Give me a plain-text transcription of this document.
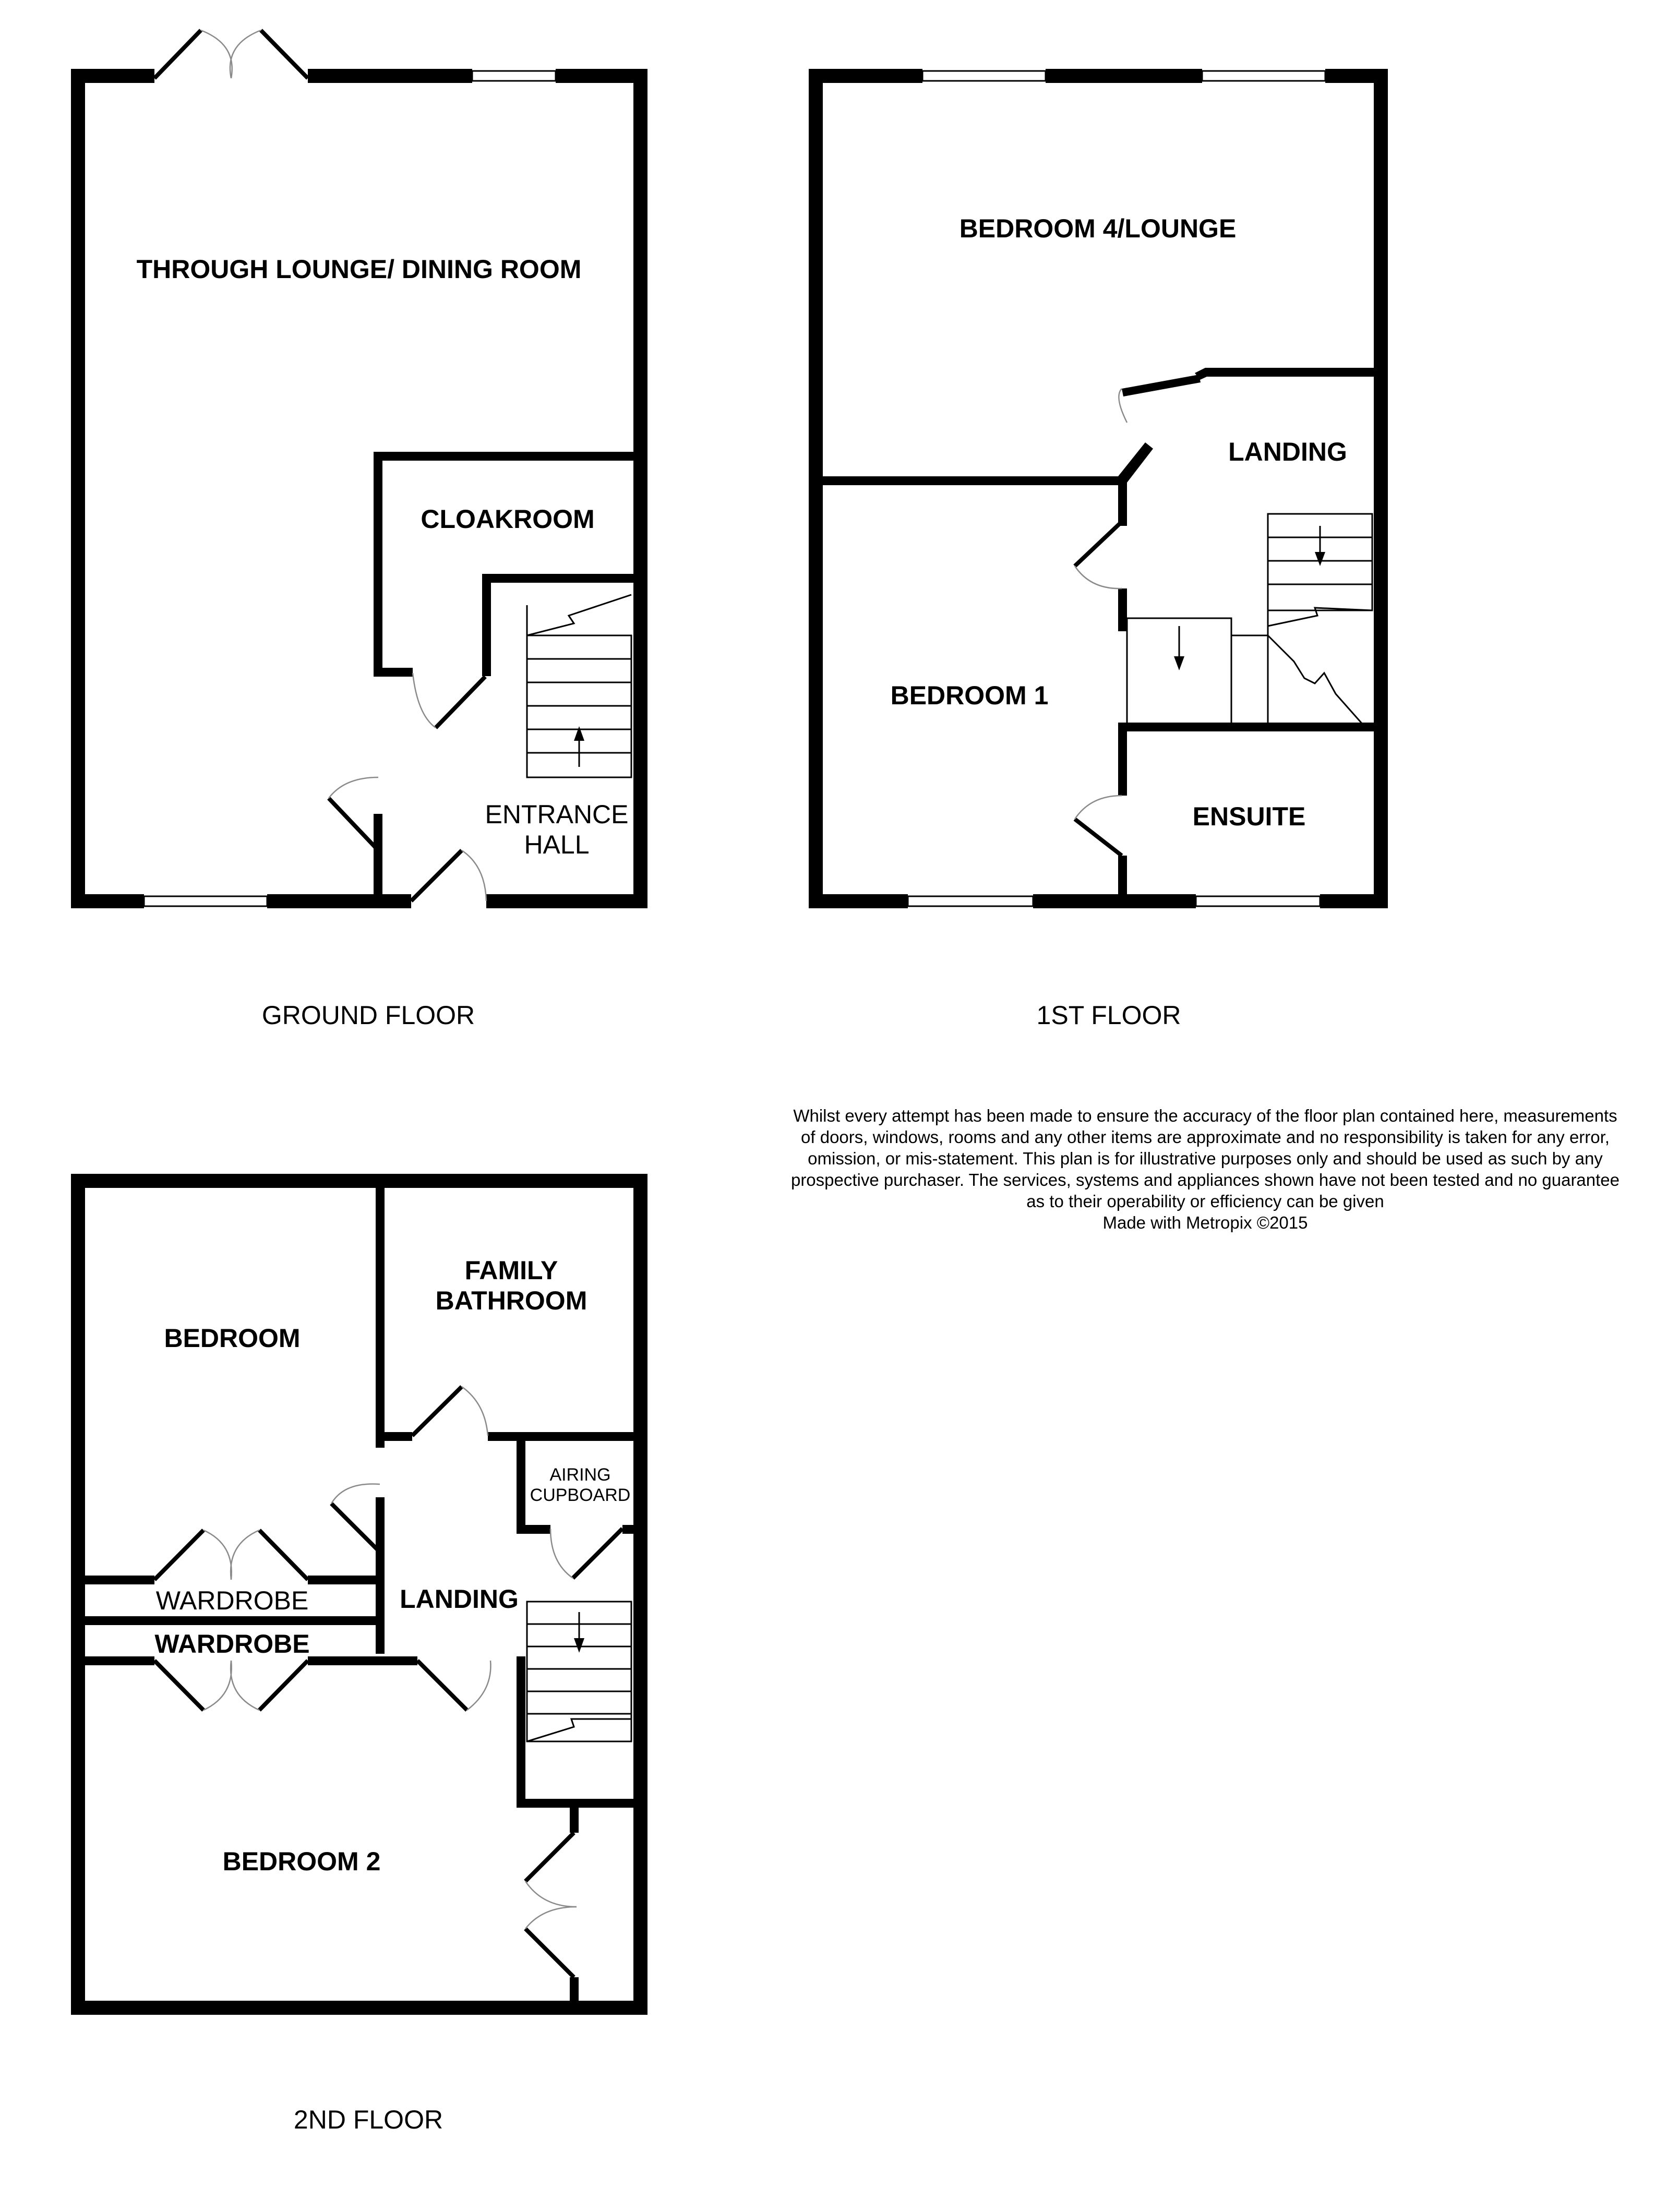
THROUGH LOUNGE/ DINING ROOM
CLOAKROOM
ENTRANCE
HALL
GROUND FLOOR
BEDROOM 4/LOUNGE
LANDING
BEDROOM 1
ENSUITE
1ST FLOOR
BEDROOM
FAMILY
BATHROOM
AIRING
CUPBOARD
WARDROBE
WARDROBE
LANDING
BEDROOM 2
2ND FLOOR
Whilst every attempt has been made to ensure the accuracy of the floor plan contained here, measurements
of doors, windows, rooms and any other items are approximate and no responsibility is taken for any error,
omission, or mis-statement. This plan is for illustrative purposes only and should be used as such by any
prospective purchaser. The services, systems and appliances shown have not been tested and no guarantee
as to their operability or efficiency can be given
Made with Metropix ©2015
